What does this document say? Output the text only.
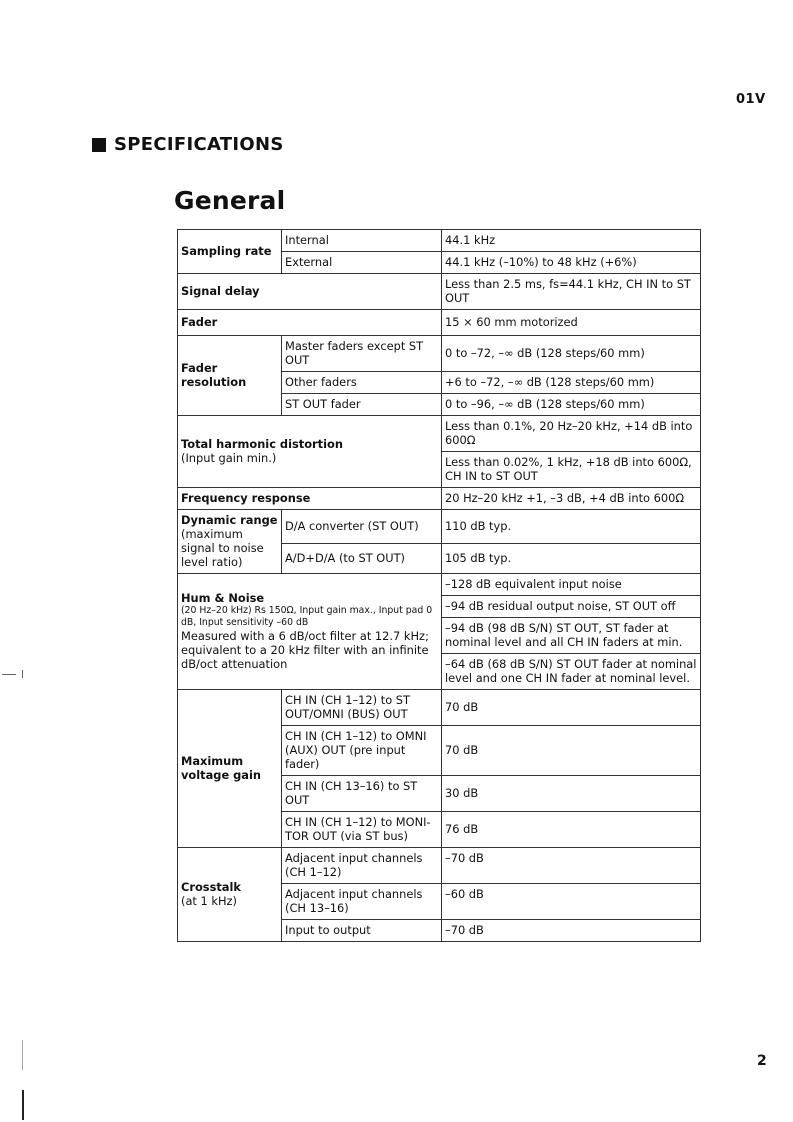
01V
SPECIFICATIONS
General
Sampling rate	Internal	44.1 kHz
	External	44.1 kHz (–10%) to 48 kHz (+6%)
Signal delay		Less than 2.5 ms, fs=44.1 kHz, CH IN to ST OUT
Fader		15 × 60 mm motorized
Fader resolution	Master faders except ST OUT	0 to –72, –∞ dB (128 steps/60 mm)
	Other faders	+6 to –72, –∞ dB (128 steps/60 mm)
	ST OUT fader	0 to –96, –∞ dB (128 steps/60 mm)

Total harmonic distortion
(Input gain min.)		Less than 0.1%, 20 Hz–20 kHz, +14 dB into 600Ω
		Less than 0.02%, 1 kHz, +18 dB into 600Ω, CH IN to ST OUT
Frequency response		20 Hz–20 kHz +1, –3 dB, +4 dB into 600Ω

Dynamic range
(maximum signal to noise level ratio)	D/A converter (ST OUT)	110 dB typ.
	A/D+D/A (to ST OUT)	105 dB typ.

Hum & Noise
(20 Hz–20 kHz) Rs 150Ω, Input gain max., Input pad 0 dB, Input sensitivity –60 dB
Measured with a 6 dB/oct filter at 12.7 kHz; equivalent to a 20 kHz filter with an infinite dB/oct attenuation		–128 dB equivalent input noise
		–94 dB residual output noise, ST OUT off
		–94 dB (98 dB S/N) ST OUT, ST fader at nominal level and all CH IN faders at min.
		–64 dB (68 dB S/N) ST OUT fader at nominal level and one CH IN fader at nominal level.
Maximum voltage gain	CH IN (CH 1–12) to ST OUT/OMNI (BUS) OUT	70 dB
	CH IN (CH 1–12) to OMNI (AUX) OUT (pre input fader)	70 dB
	CH IN (CH 13–16) to ST OUT	30 dB
	CH IN (CH 1–12) to MONI-TOR OUT (via ST bus)	76 dB

Crosstalk
(at 1 kHz)	Adjacent input channels (CH 1–12)	–70 dB
	Adjacent input channels (CH 13–16)	–60 dB
	Input to output	–70 dB
2
